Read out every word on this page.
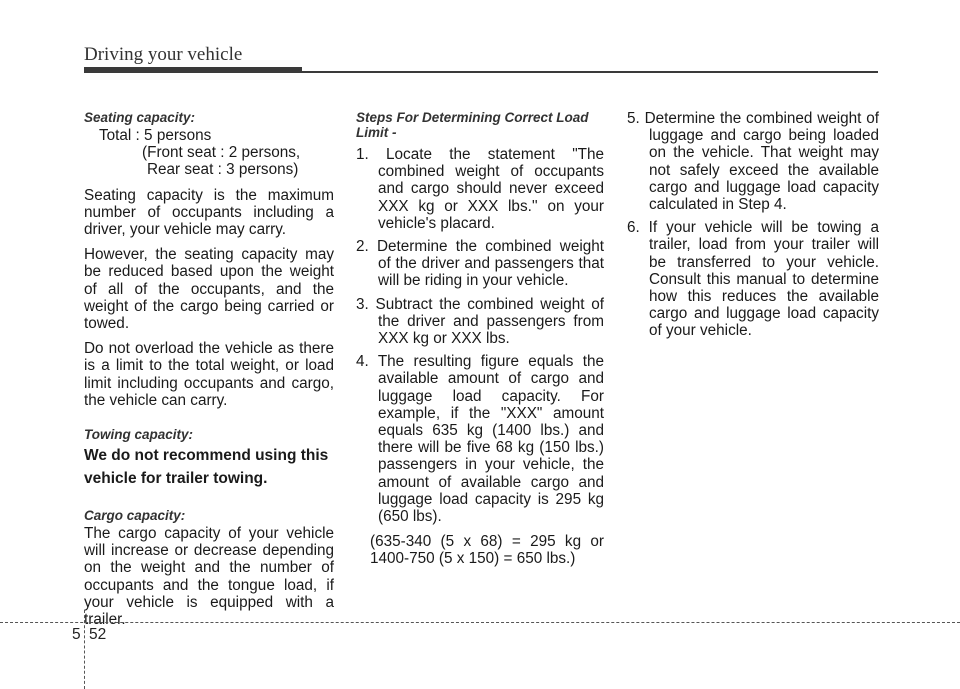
Driving your vehicle
Seating capacity:
Total : 5 persons
(Front seat : 2 persons,
Rear seat : 3 persons)

Seating capacity is the maximum number of occupants including a driver, your vehicle may carry.

However, the seating capacity may be reduced based upon the weight of all of the occupants, and the weight of the cargo being carried or towed.

Do not overload the vehicle as there is a limit to the total weight, or load limit including occupants and cargo, the vehicle can carry.

Towing capacity:

We do not recommend using this vehicle for trailer towing.

Cargo capacity:

The cargo capacity of your vehicle will increase or decrease depending on the weight and the number of occupants and the tongue load, if your vehicle is equipped with a trailer.

Steps For Determining Correct Load Limit -
1. Locate the statement "The combined weight of occupants and cargo should never exceed XXX kg or XXX lbs.'' on your vehicle's placard.
2. Determine the combined weight of the driver and passengers that will be riding in your vehicle.
3. Subtract the combined weight of the driver and passengers from XXX kg or XXX lbs.
4. The resulting figure equals the available amount of cargo and luggage load capacity. For example, if the "XXX" amount equals 635 kg (1400 lbs.) and there will be five 68 kg (150 lbs.) passengers in your vehicle, the amount of available cargo and luggage load capacity is 295 kg (650 lbs).
(635-340 (5 x 68) = 295 kg or 1400-750 (5 x 150) = 650 lbs.)
5. Determine the combined weight of luggage and cargo being loaded on the vehicle. That weight may not safely exceed the available cargo and luggage load capacity calculated in Step 4.
6. If your vehicle will be towing a trailer, load from your trailer will be transferred to your vehicle. Consult this manual to determine how this reduces the available cargo and luggage load capacity of your vehicle.
5 52
